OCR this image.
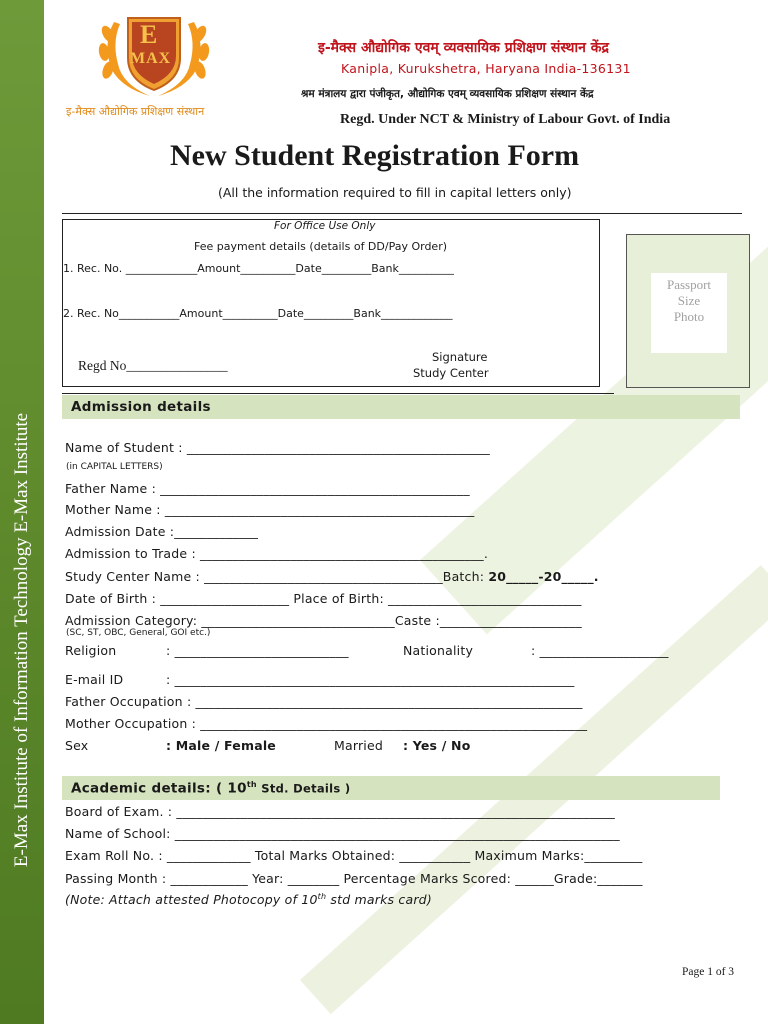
E-Max Institute of Information Technology E-Max Institute
E
MAX
इ-मैक्स औद्योगिक प्रशिक्षण संस्थान
इ-मैक्स औद्योगिक एवम् व्यवसायिक प्रशिक्षण संस्थान केंद्र
Kanipla, Kurukshetra, Haryana India-136131
श्रम मंत्रालय द्वारा पंजीकृत, औद्योगिक एवम् व्यवसायिक प्रशिक्षण संस्थान केंद्र
Regd. Under NCT & Ministry of Labour Govt. of India
New Student Registration Form
(All the information required to fill in capital letters only)
For Office Use Only
Fee payment details (details of DD/Pay Order)
1. Rec. No. _____________Amount__________Date_________Bank__________
2. Rec. No___________Amount__________Date_________Bank_____________
Regd No_______________
Signature
Study Center
Passport
Size
Photo
Admission details
Name of Student : _______________________________________________
(in CAPITAL LETTERS)
Father Name : ________________________________________________
Mother Name : ________________________________________________
Admission Date :_____________
Admission to Trade : ____________________________________________.
Study Center Name : _____________________________________Batch: 20_____-20_____.
Date of Birth : ____________________ Place of Birth: ______________________________
Admission Category: ______________________________Caste :______________________
(SC, ST, OBC, General, GOI etc.)
Religion	: ___________________________	Nationality	: ____________________
E-mail ID	: ______________________________________________________________
Father Occupation : ____________________________________________________________
Mother Occupation : ____________________________________________________________
Sex	: Male / Female	Married : Yes / No
Academic details: ( 10th Std. Details )
Board of Exam. : ____________________________________________________________________
Name of School: _____________________________________________________________________
Exam Roll No. : _____________ Total Marks Obtained: ___________ Maximum Marks:_________
Passing Month : ____________ Year: ________ Percentage Marks Scored: ______Grade:_______
(Note: Attach attested Photocopy of 10th std marks card)
Page 1 of 3
